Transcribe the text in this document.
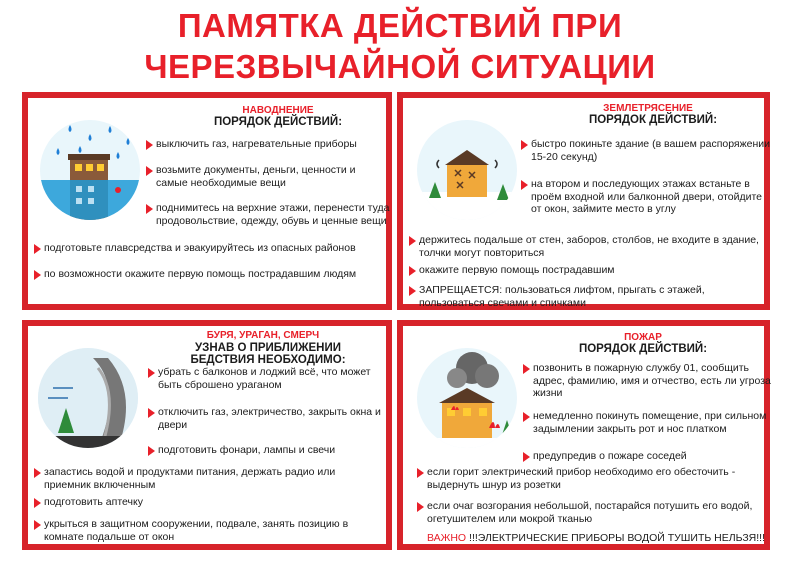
ПАМЯТКА ДЕЙСТВИЙ ПРИ
ЧЕРЕЗВЫЧАЙНОЙ СИТУАЦИИ
НАВОДНЕНИЕ
ПОРЯДОК ДЕЙСТВИЙ:
выключить газ, нагревательные приборы
возьмите документы, деньги, ценности и самые необходимые вещи
поднимитесь на верхние этажи, перенести туда продовольствие, одежду, обувь и ценные вещи
подготовьте плавсредства и эвакуируйтесь из опасных районов
по возможности окажите первую помощь пострадавшим людям
ЗЕМЛЕТРЯСЕНИЕ
ПОРЯДОК ДЕЙСТВИЙ:
быстро покиньте здание (в вашем распоряжении 15-20 секунд)
на втором и последующих этажах встаньте в проём входной или балконной двери, отойдите от окон, займите место в углу
держитесь подальше от стен, заборов, столбов, не входите в здание, толчки могут повториться
окажите первую помощь пострадавшим
ЗАПРЕЩАЕТСЯ: пользоваться лифтом, прыгать с этажей, пользоваться свечами и спичками
БУРЯ, УРАГАН, СМЕРЧ
УЗНАВ О ПРИБЛИЖЕНИИ БЕДСТВИЯ НЕОБХОДИМО:
убрать с балконов и лоджий всё, что может быть сброшено ураганом
отключить газ, электричество, закрыть окна и двери
подготовить фонари, лампы и свечи
запастись водой и продуктами питания, держать радио или приемник включенным
подготовить аптечку
укрыться в защитном сооружении, подвале, занять позицию в комнате подальше от окон
ПОЖАР
ПОРЯДОК ДЕЙСТВИЙ:
позвонить в пожарную службу 01, сообщить адрес, фамилию, имя и отчество, есть ли угроза жизни
немедленно покинуть помещение, при сильном задымлении закрыть рот и нос платком
предупредив о пожаре соседей
если горит электрический прибор необходимо его обесточить - выдернуть шнур из розетки
если очаг возгорания небольшой, постарайся потушить его водой, огетушителем или мокрой тканью
ВАЖНО !!!ЭЛЕКТРИЧЕСКИЕ ПРИБОРЫ ВОДОЙ ТУШИТЬ НЕЛЬЗЯ!!!
